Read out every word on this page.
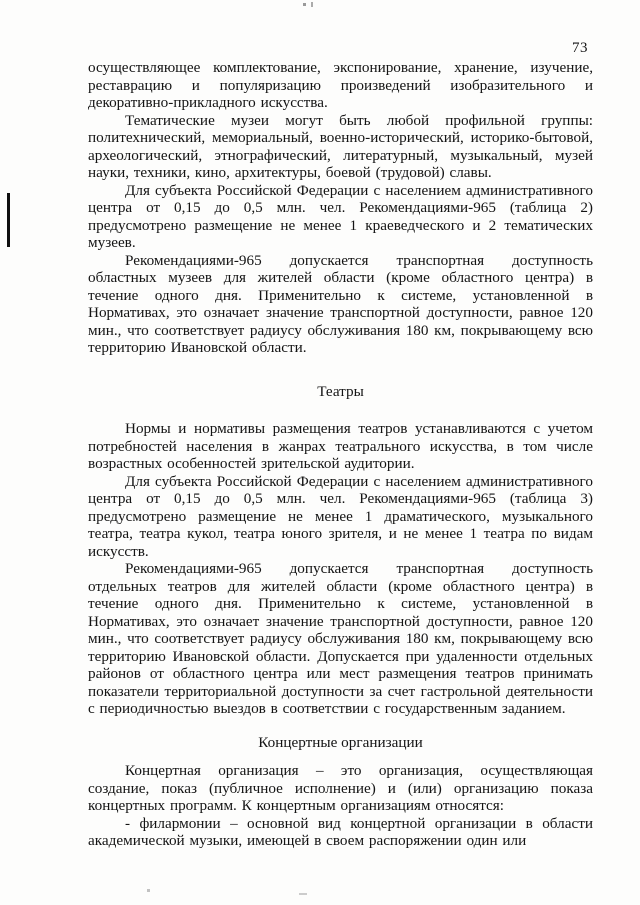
73

осуществляющее комплектование, экспонирование, хранение, изучение, реставрацию и популяризацию произведений изобразительного и декоративно-прикладного искусства.

Тематические музеи могут быть любой профильной группы: политехнический, мемориальный, военно-исторический, историко-бытовой, археологический, этнографический, литературный, музыкальный, музей науки, техники, кино, архитектуры, боевой (трудовой) славы.

Для субъекта Российской Федерации с населением административного центра от 0,15 до 0,5 млн. чел. Рекомендациями-965 (таблица 2) предусмотрено размещение не менее 1 краеведческого и 2 тематических музеев.

Рекомендациями-965 допускается транспортная доступность областных музеев для жителей области (кроме областного центра) в течение одного дня. Применительно к системе, установленной в Нормативах, это означает значение транспортной доступности, равное 120 мин., что соответствует радиусу обслуживания 180 км, покрывающему всю территорию Ивановской области.

Театры

Нормы и нормативы размещения театров устанавливаются с учетом потребностей населения в жанрах театрального искусства, в том числе возрастных особенностей зрительской аудитории.

Для субъекта Российской Федерации с населением административного центра от 0,15 до 0,5 млн. чел. Рекомендациями-965 (таблица 3) предусмотрено размещение не менее 1 драматического, музыкального театра, театра кукол, театра юного зрителя, и не менее 1 театра по видам искусств.

Рекомендациями-965 допускается транспортная доступность отдельных театров для жителей области (кроме областного центра) в течение одного дня. Применительно к системе, установленной в Нормативах, это означает значение транспортной доступности, равное 120 мин., что соответствует радиусу обслуживания 180 км, покрывающему всю территорию Ивановской области. Допускается при удаленности отдельных районов от областного центра или мест размещения театров принимать показатели территориальной доступности за счет гастрольной деятельности с периодичностью выездов в соответствии с государственным заданием.

Концертные организации

Концертная организация – это организация, осуществляющая создание, показ (публичное исполнение) и (или) организацию показа концертных программ. К концертным организациям относятся:

- филармонии – основной вид концертной организации в области академической музыки, имеющей в своем распоряжении один или
